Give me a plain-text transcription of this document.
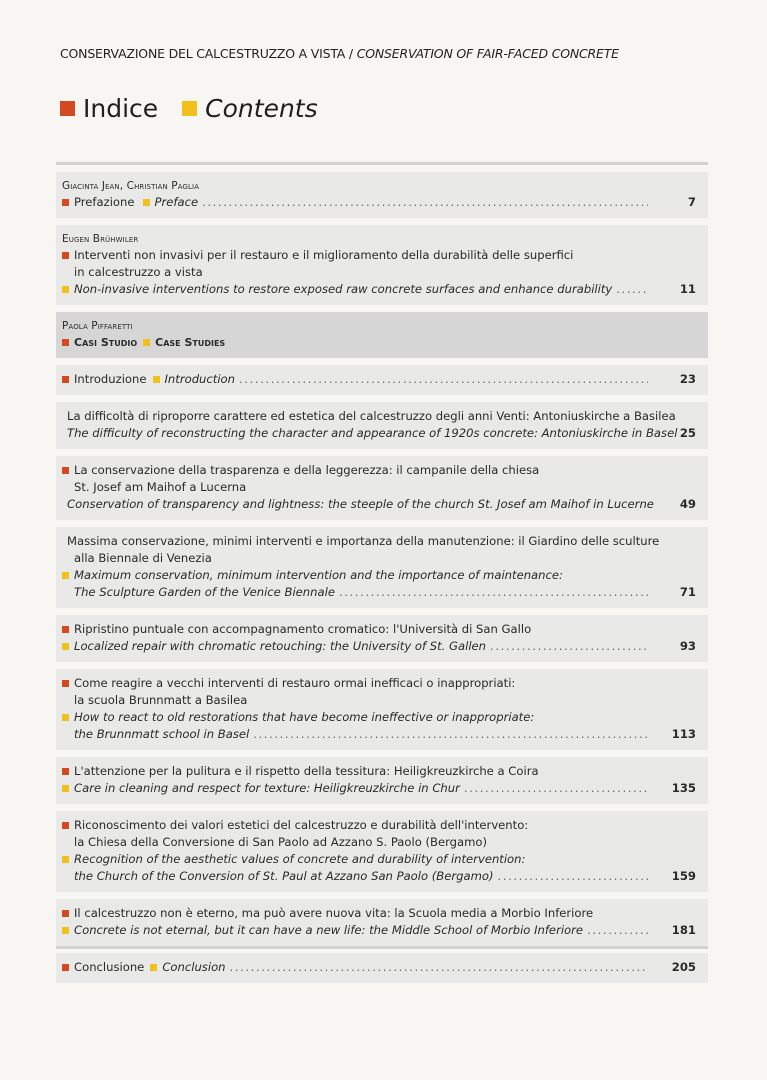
CONSERVAZIONE DEL CALCESTRUZZO A VISTA / CONSERVATION OF FAIR-FACED CONCRETE
Indice Contents
Giacinta Jean, Christian Paglia
Prefazione Preface .....	7
Eugen Brühwiler
Interventi non invasivi per il restauro e il miglioramento della durabilità delle superfici
in calcestruzzo a vista
Non-invasive interventions to restore exposed raw concrete surfaces and enhance durability .....	11
Paola Piffaretti
Casi Studio Case Studies
Introduzione Introduction .....	23
La difficoltà di riproporre carattere ed estetica del calcestruzzo degli anni Venti: Antoniuskirche a Basilea
The difficulty of reconstructing the character and appearance of 1920s concrete: Antoniuskirche in Basel 25
La conservazione della trasparenza e della leggerezza: il campanile della chiesa
St. Josef am Maihof a Lucerna
Conservation of transparency and lightness: the steeple of the church St. Josef am Maihof in Lucerne 49
Massima conservazione, minimi interventi e importanza della manutenzione: il Giardino delle sculture
alla Biennale di Venezia
Maximum conservation, minimum intervention and the importance of maintenance:
The Sculpture Garden of the Venice Biennale .....	71
Ripristino puntuale con accompagnamento cromatico: l'Università di San Gallo
Localized repair with chromatic retouching: the University of St. Gallen .....	93
Come reagire a vecchi interventi di restauro ormai inefficaci o inappropriati:
la scuola Brunnmatt a Basilea
How to react to old restorations that have become ineffective or inappropriate:
the Brunnmatt school in Basel .....	113
L'attenzione per la pulitura e il rispetto della tessitura: Heiligkreuzkirche a Coira
Care in cleaning and respect for texture: Heiligkreuzkirche in Chur .....	135
Riconoscimento dei valori estetici del calcestruzzo e durabilità dell'intervento:
la Chiesa della Conversione di San Paolo ad Azzano S. Paolo (Bergamo)
Recognition of the aesthetic values of concrete and durability of intervention:
the Church of the Conversion of St. Paul at Azzano San Paolo (Bergamo) .....	159
Il calcestruzzo non è eterno, ma può avere nuova vita: la Scuola media a Morbio Inferiore
Concrete is not eternal, but it can have a new life: the Middle School of Morbio Inferiore .....	181
Conclusione Conclusion .....	205
